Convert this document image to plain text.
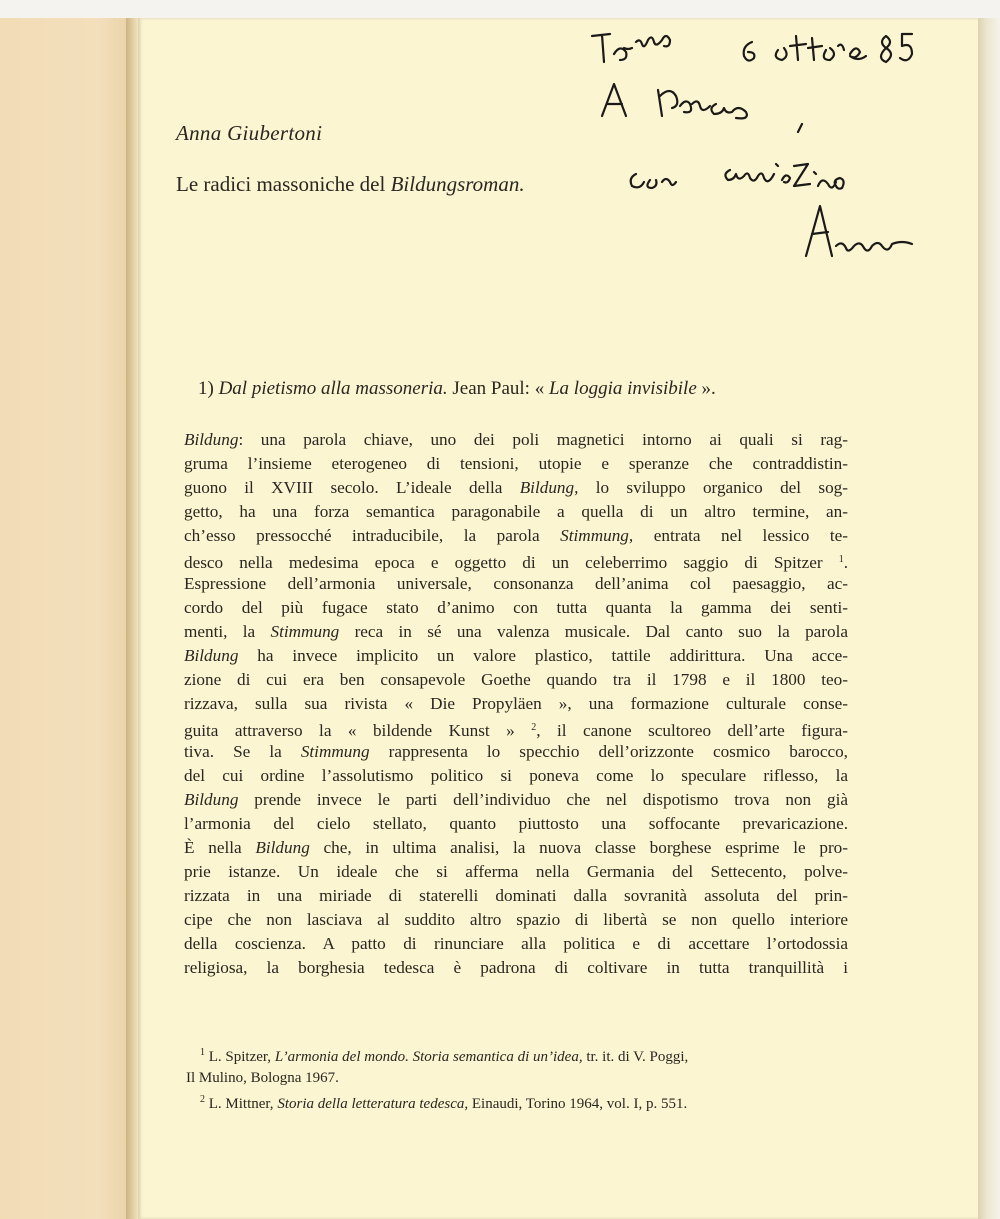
Anna Giubertoni
Le radici massoniche del Bildungsroman.
1) Dal pietismo alla massoneria. Jean Paul: « La loggia invisibile ».
Bildung: una parola chiave, uno dei poli magnetici intorno ai quali si rag-
gruma l’insieme eterogeneo di tensioni, utopie e speranze che contraddistin-
guono il XVIII secolo. L’ideale della Bildung, lo sviluppo organico del sog-
getto, ha una forza semantica paragonabile a quella di un altro termine, an-
ch’esso pressocché intraducibile, la parola Stimmung, entrata nel lessico te-
desco nella medesima epoca e oggetto di un celeberrimo saggio di Spitzer $^1$.
Espressione dell’armonia universale, consonanza dell’anima col paesaggio, ac-
cordo del più fugace stato d’animo con tutta quanta la gamma dei senti-
menti, la Stimmung reca in sé una valenza musicale. Dal canto suo la parola
Bildung ha invece implicito un valore plastico, tattile addirittura. Una acce-
zione di cui era ben consapevole Goethe quando tra il 1798 e il 1800 teo-
rizzava, sulla sua rivista « Die Propyläen », una formazione culturale conse-
guita attraverso la « bildende Kunst » $^2$, il canone scultoreo dell’arte figura-
tiva. Se la Stimmung rappresenta lo specchio dell’orizzonte cosmico barocco,
del cui ordine l’assolutismo politico si poneva come lo speculare riflesso, la
Bildung prende invece le parti dell’individuo che nel dispotismo trova non già
l’armonia del cielo stellato, quanto piuttosto una soffocante prevaricazione.
È nella Bildung che, in ultima analisi, la nuova classe borghese esprime le pro-
prie istanze. Un ideale che si afferma nella Germania del Settecento, polve-
rizzata in una miriade di staterelli dominati dalla sovranità assoluta del prin-
cipe che non lasciava al suddito altro spazio di libertà se non quello interiore
della coscienza. A patto di rinunciare alla politica e di accettare l’ortodossia
religiosa, la borghesia tedesca è padrona di coltivare in tutta tranquillità i
$^1$ L. Spitzer, L’armonia del mondo. Storia semantica di un’idea, tr. it. di V. Poggi,
Il Mulino, Bologna 1967.
$^2$ L. Mittner, Storia della letteratura tedesca, Einaudi, Torino 1964, vol. I, p. 551.
